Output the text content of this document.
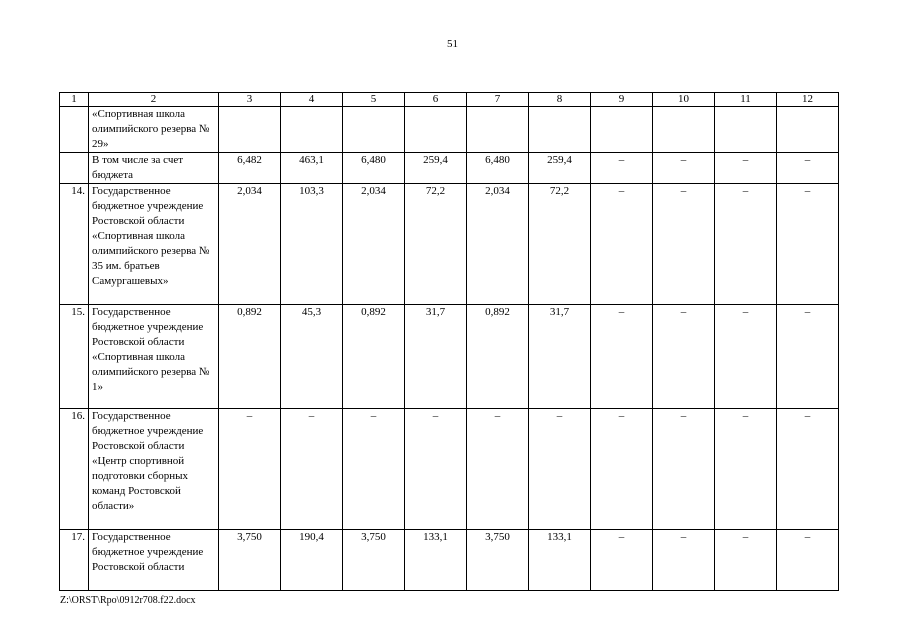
51
1	2	3	4	5	6	7	8	9	10	11	12
	«Спортивная школа олимпийского резерва № 29»										
	В том числе за счет бюджета	6,482	463,1	6,480	259,4	6,480	259,4	–	–	–	–
14.	Государственное бюджетное учреждение Ростовской области «Спортивная школа олимпийского резерва № 35 им. братьев Самургашевых»	2,034	103,3	2,034	72,2	2,034	72,2	–	–	–	–
15.	Государственное бюджетное учреждение Ростовской области «Спортивная школа олимпийского резерва № 1»	0,892	45,3	0,892	31,7	0,892	31,7	–	–	–	–
16.	Государственное бюджетное учреждение Ростовской области «Центр спортивной подготовки сборных команд Ростовской области»	–	–	–	–	–	–	–	–	–	–
17.	Государственное бюджетное учреждение Ростовской области	3,750	190,4	3,750	133,1	3,750	133,1	–	–	–	–
Z:\ORST\Rpo\0912r708.f22.docx
